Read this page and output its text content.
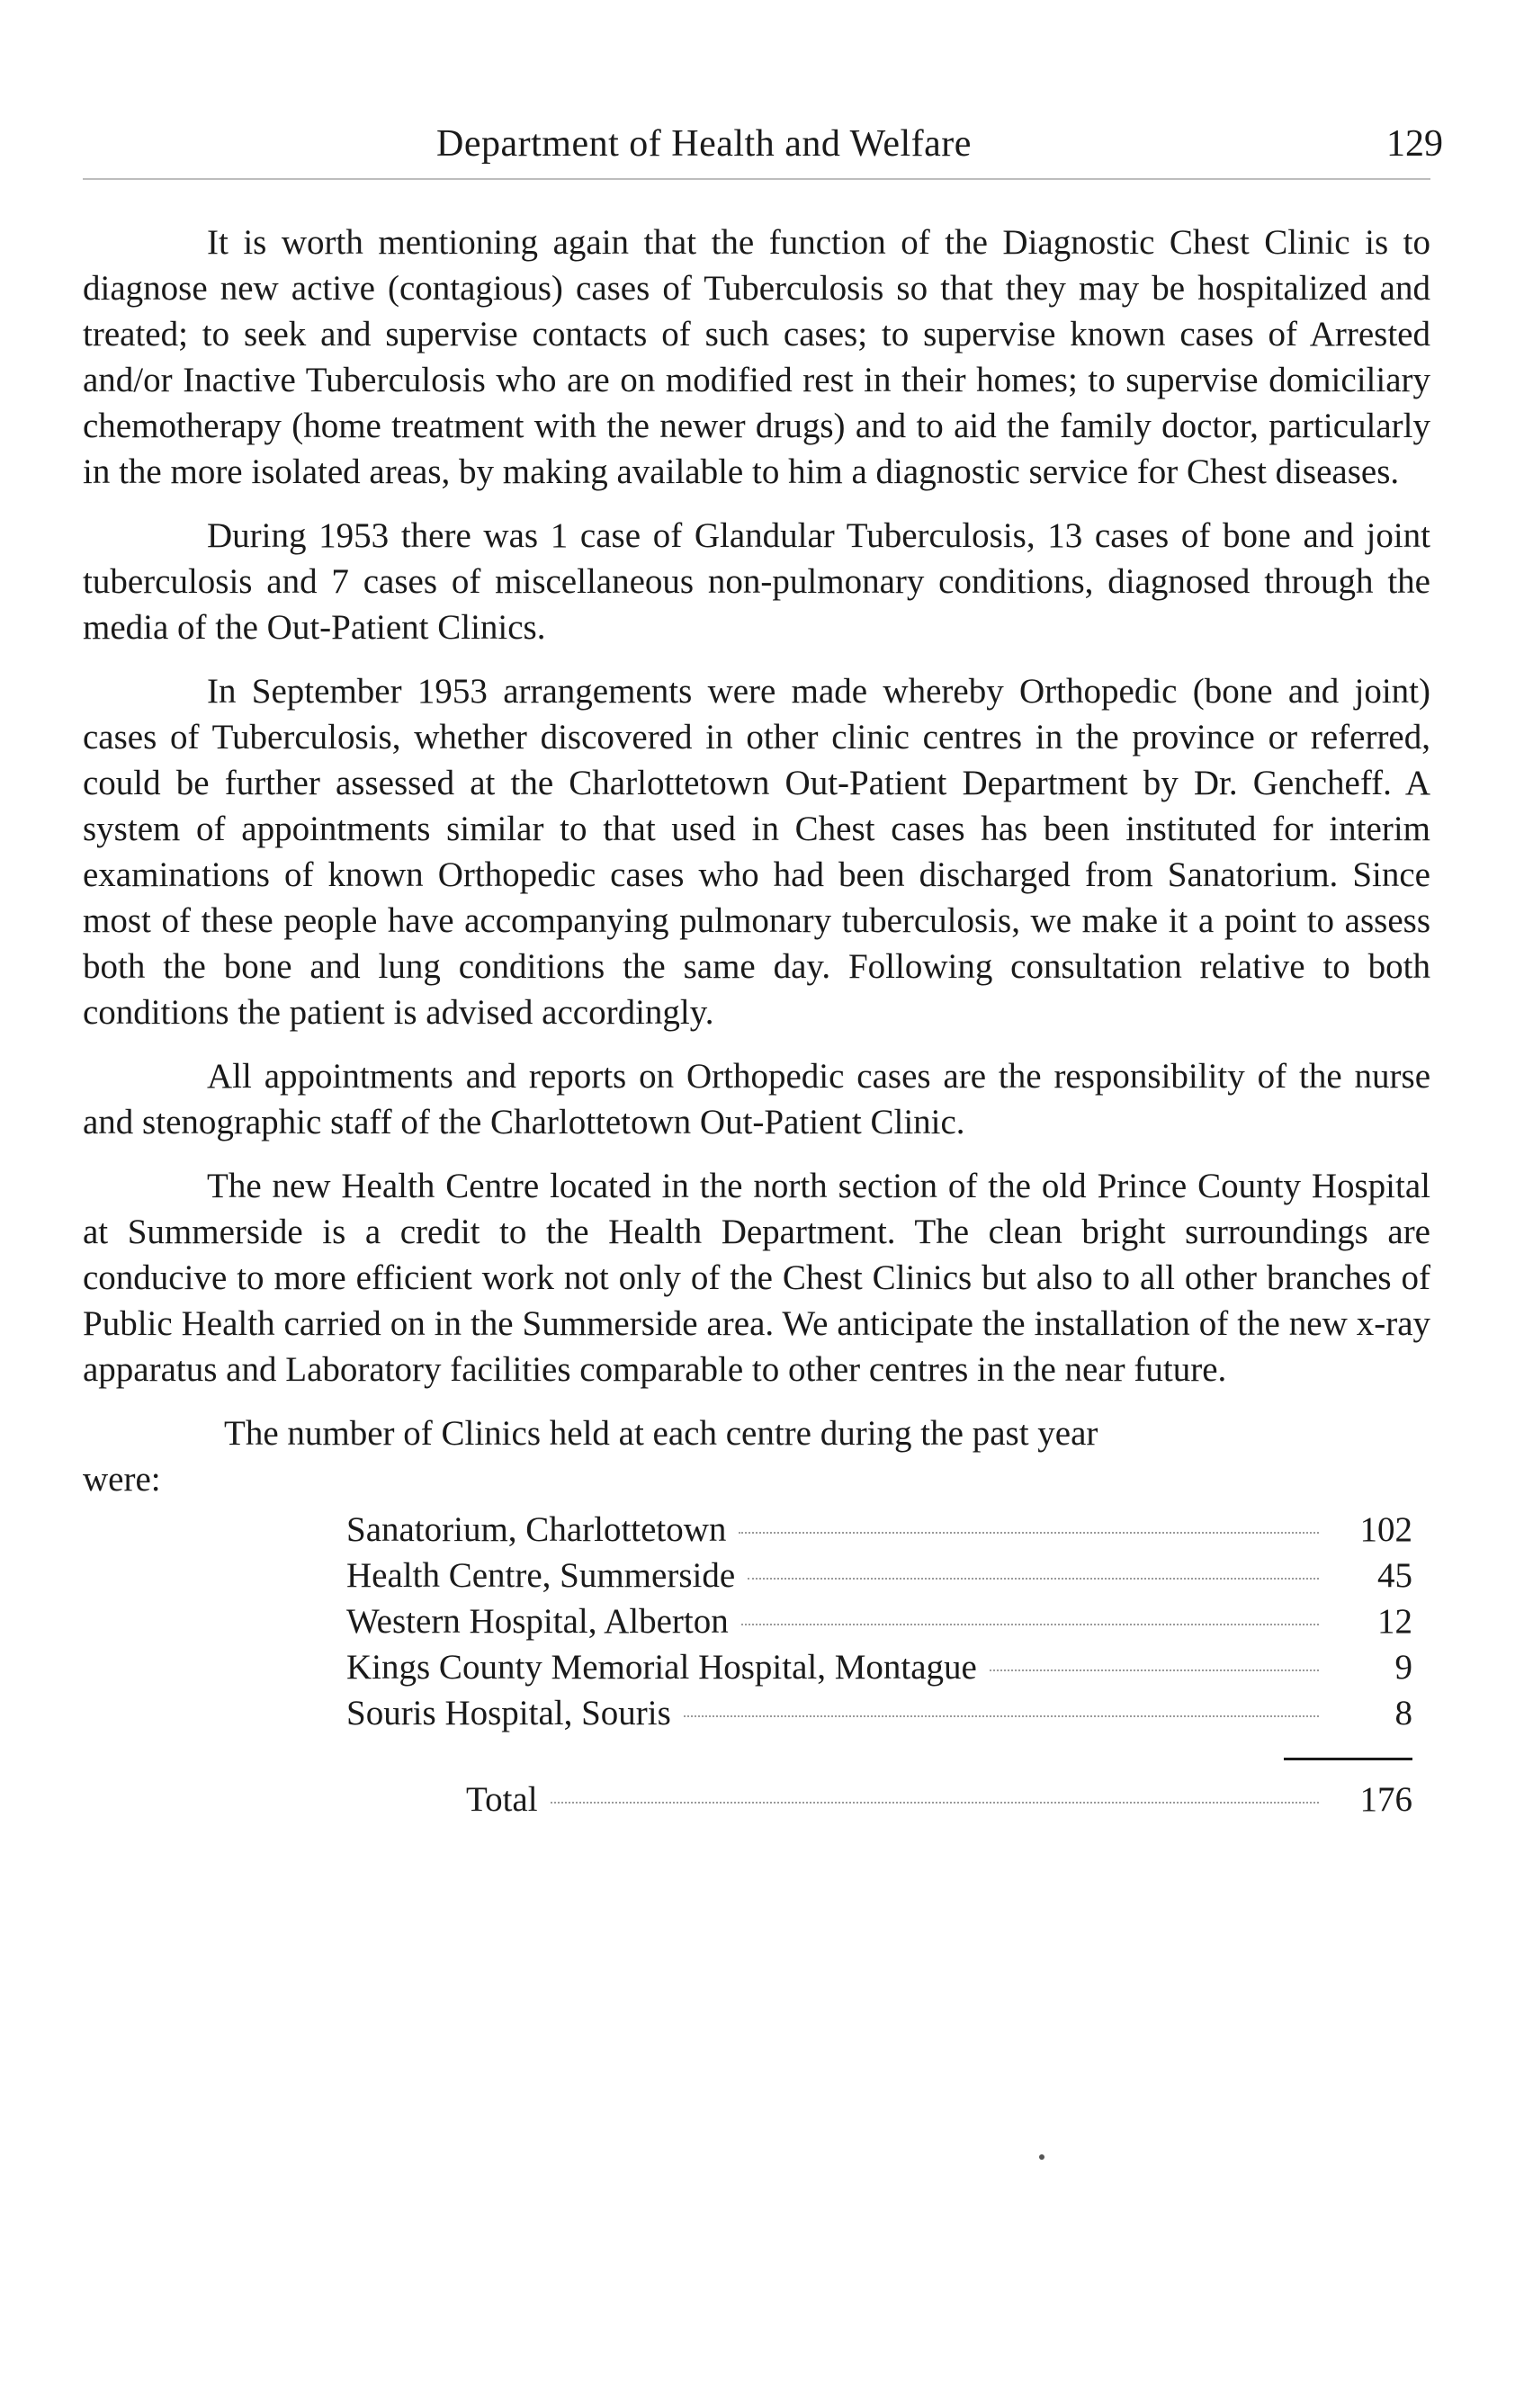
Department of Health and Welfare	129

It is worth mentioning again that the function of the Diagnostic Chest Clinic is to diagnose new active (contagious) cases of Tuberculosis so that they may be hospitalized and treated; to seek and supervise contacts of such cases; to supervise known cases of Arrested and/or Inactive Tuberculosis who are on modified rest in their homes; to supervise domiciliary chemotherapy (home treatment with the newer drugs) and to aid the family doctor, particularly in the more isolated areas, by making available to him a diagnostic service for Chest diseases.

During 1953 there was 1 case of Glandular Tuberculosis, 13 cases of bone and joint tuberculosis and 7 cases of miscellaneous non-pulmonary conditions, diagnosed through the media of the Out-Patient Clinics.

In September 1953 arrangements were made whereby Orthopedic (bone and joint) cases of Tuberculosis, whether discovered in other clinic centres in the province or referred, could be further assessed at the Charlottetown Out-Patient Department by Dr. Gencheff. A system of appointments similar to that used in Chest cases has been instituted for interim examinations of known Orthopedic cases who had been discharged from Sanatorium. Since most of these people have accompanying pulmonary tuberculosis, we make it a point to assess both the bone and lung conditions the same day. Following consultation relative to both conditions the patient is advised accordingly.

All appointments and reports on Orthopedic cases are the responsibility of the nurse and stenographic staff of the Charlottetown Out-Patient Clinic.

The new Health Centre located in the north section of the old Prince County Hospital at Summerside is a credit to the Health Department. The clean bright surroundings are conducive to more efficient work not only of the Chest Clinics but also to all other branches of Public Health carried on in the Summerside area. We anticipate the installation of the new x-ray apparatus and Laboratory facilities comparable to other centres in the near future.

The number of Clinics held at each centre during the past year

were:

Sanatorium, Charlottetown	102
Health Centre, Summerside	45
Western Hospital, Alberton	12
Kings County Memorial Hospital, Montague	9
Souris Hospital, Souris	8
Total	176
